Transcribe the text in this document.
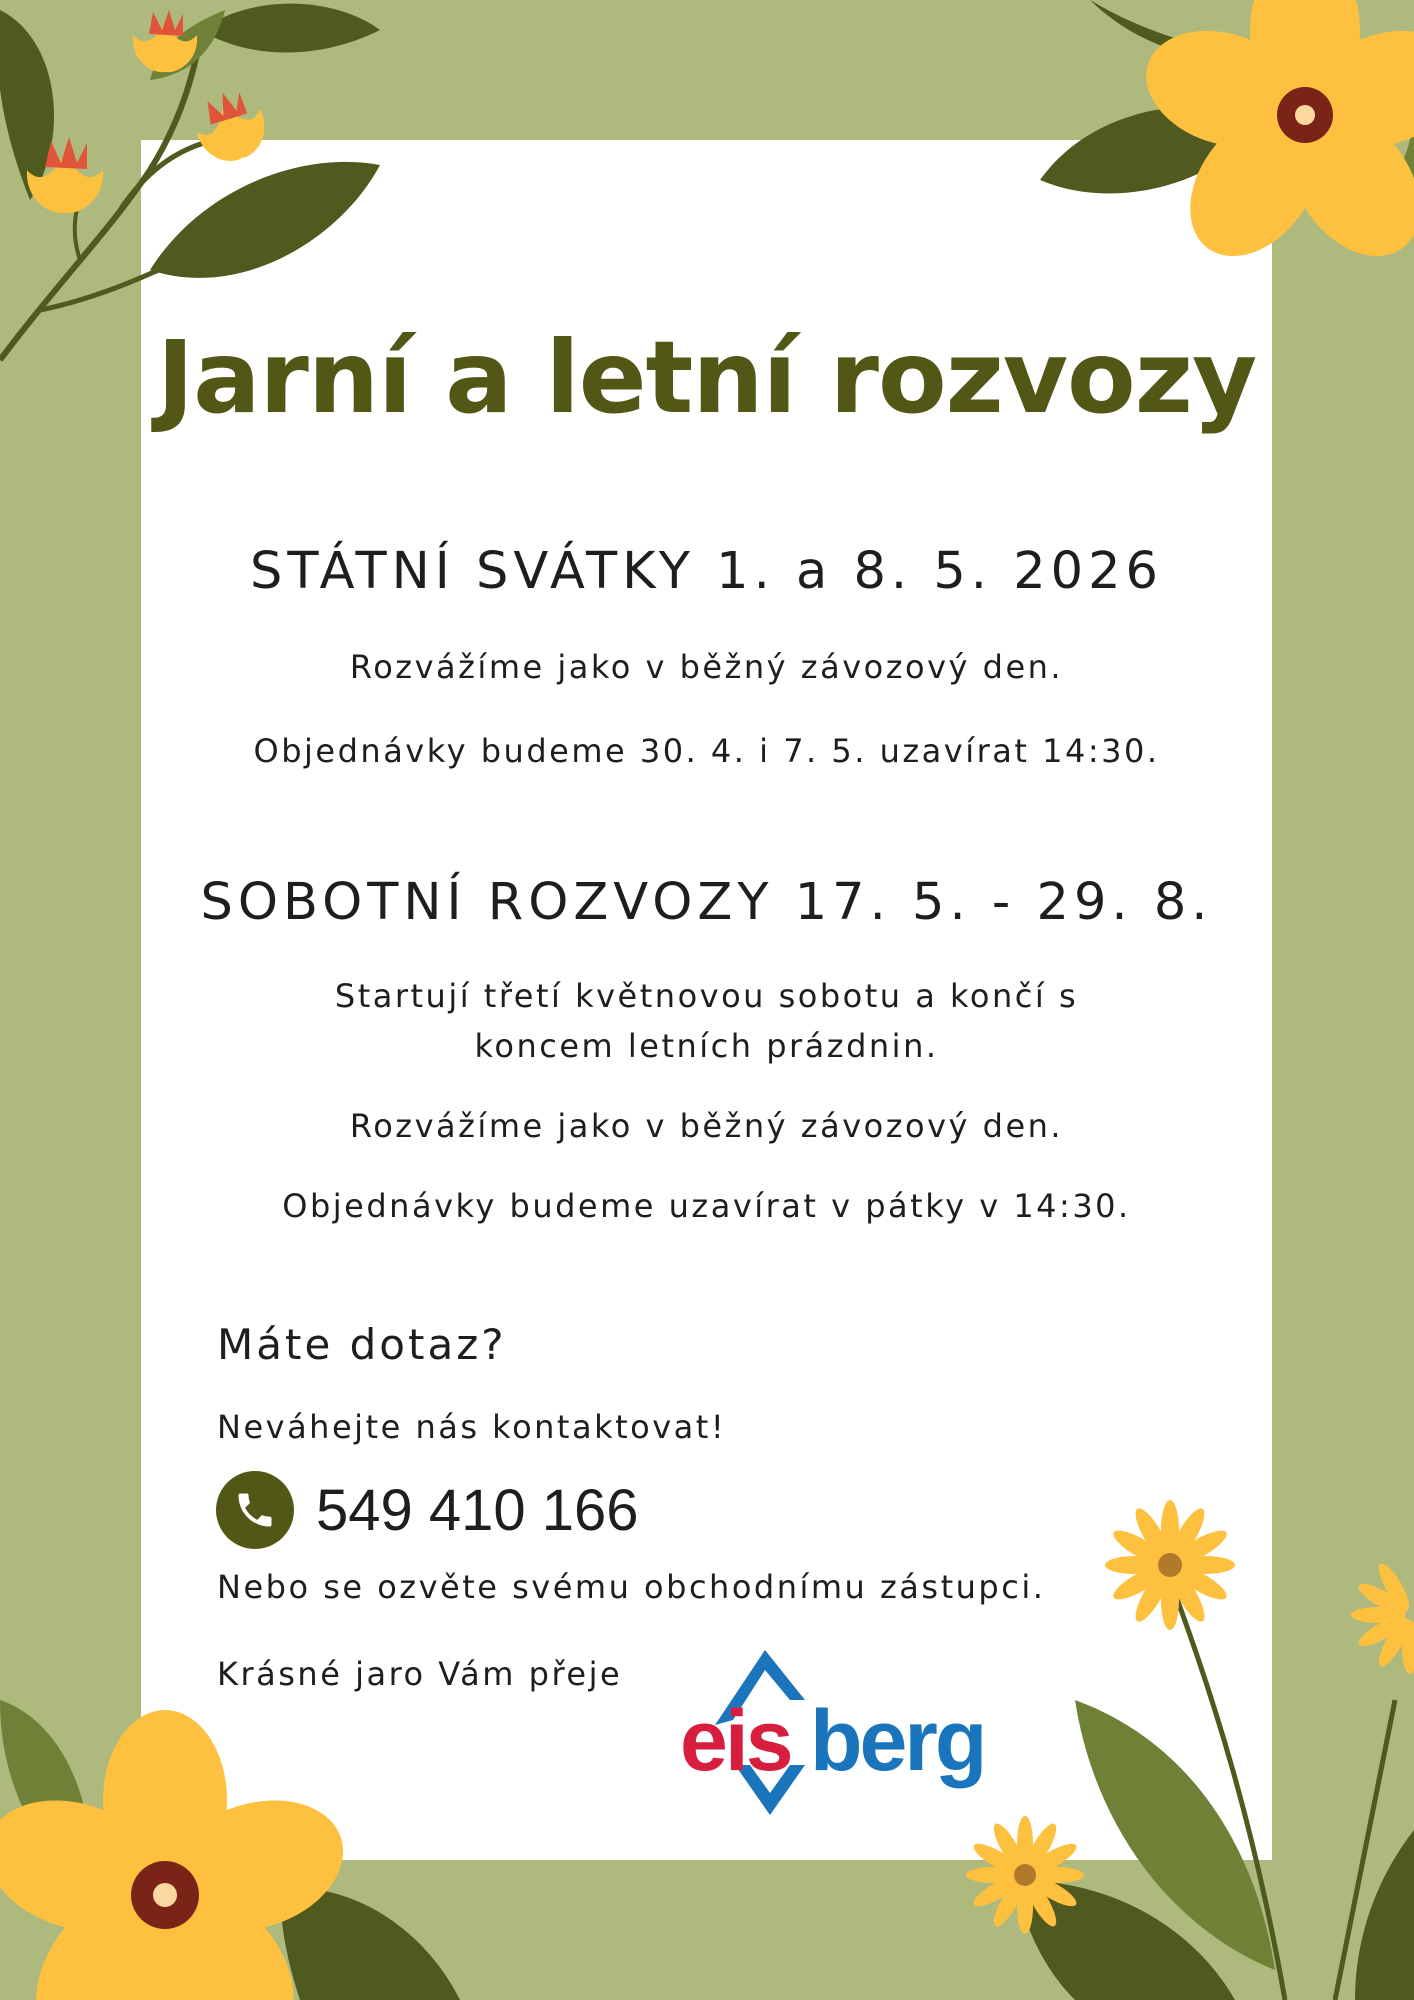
Jarní a letní rozvozy
STÁTNÍ SVÁTKY 1. a 8. 5. 2026
Rozvážíme jako v běžný závozový den.
Objednávky budeme 30. 4. i 7. 5. uzavírat 14:30.
SOBOTNÍ ROZVOZY 17. 5. - 29. 8.
Startují třetí květnovou sobotu a končí s
koncem letních prázdnin.
Rozvážíme jako v běžný závozový den.
Objednávky budeme uzavírat v pátky v 14:30.
Máte dotaz?
Neváhejte nás kontaktovat!
549 410 166
Nebo se ozvěte svému obchodnímu zástupci.
Krásné jaro Vám přeje
eis berg
